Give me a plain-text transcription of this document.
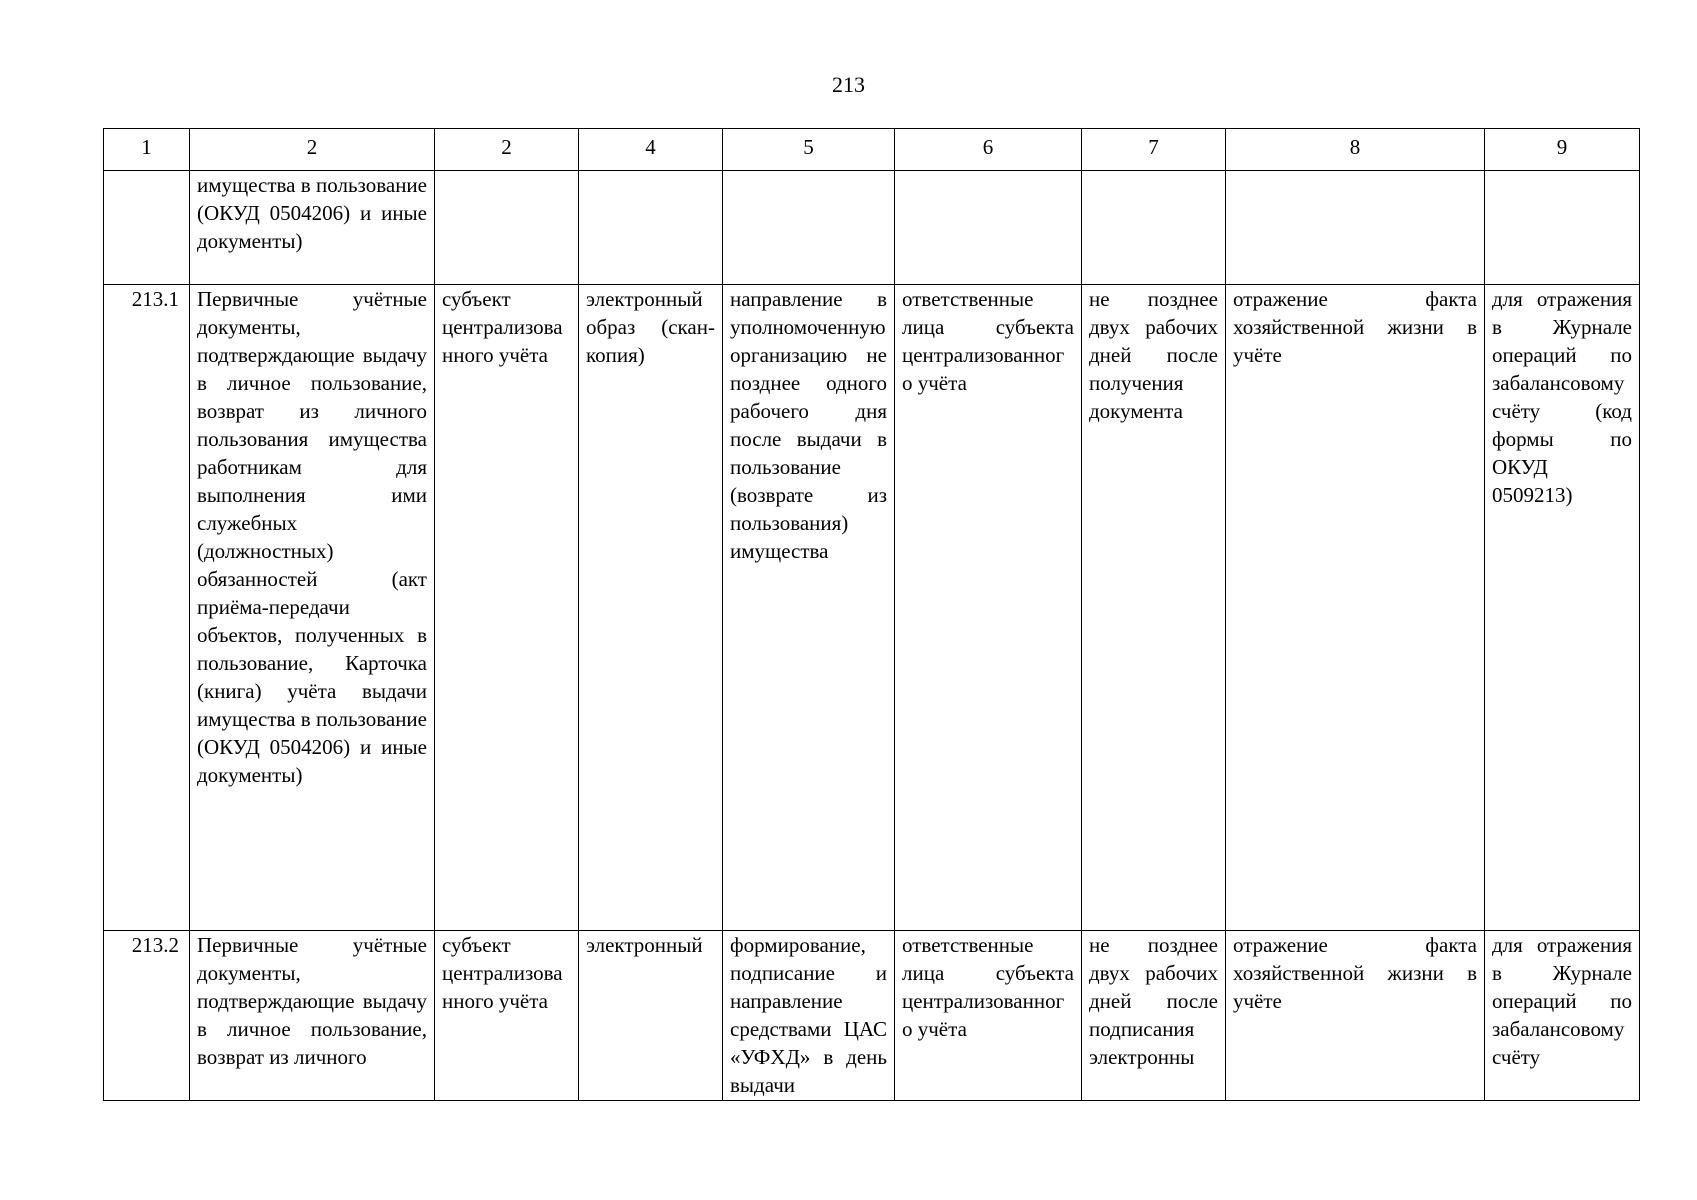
213
1	2	2	4	5	6	7	8	9
	имущества в пользование (ОКУД 0504206) и иные документы)							
213.1	Первичные учётные документы, подтверждающие выдачу в личное пользование, возврат из личного пользования имущества работникам для выполнения ими служебных (должностных) обязанностей (акт приёма-передачи объектов, полученных в пользование, Карточка (книга) учёта выдачи имущества в пользование (ОКУД 0504206) и иные документы)	субъект централизованного учёта	электронный образ (скан-копия)	направление в уполномоченную организацию не позднее одного рабочего дня после выдачи в пользование (возврате из пользования) имущества	ответственные лица субъекта централизованного учёта	не позднее двух рабочих дней после получения документа	отражение факта хозяйственной жизни в учёте	для отражения в Журнале операций по забалансовому счёту (код формы по ОКУД 0509213)
213.2	Первичные учётные документы, подтверждающие выдачу в личное пользование, возврат из личного	субъект централизованного учёта	электронный	формирование, подписание и направление средствами ЦАС «УФХД» в день выдачи	ответственные лица субъекта централизованного учёта	не позднее двух рабочих дней после подписания электронны	отражение факта хозяйственной жизни в учёте	для отражения в Журнале операций по забалансовому счёту
